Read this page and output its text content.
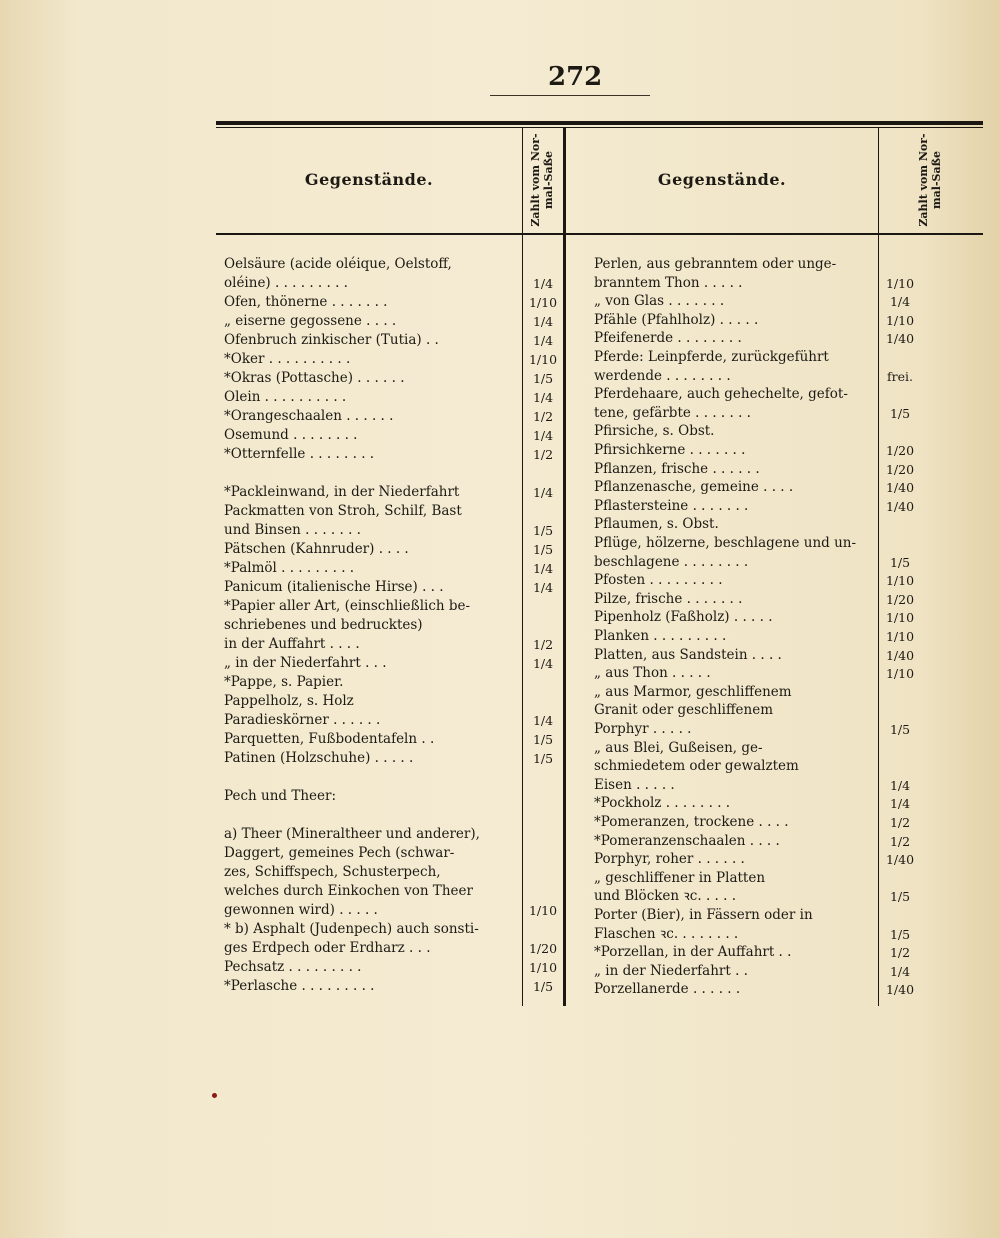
272
Gegenstände.	Gegenstände.
Zahlt vom Nor- mal-Saße	Zahlt vom Nor- mal-Saße
Oelsäure (acide oléique, Oelstoff,
oléine) . . . . . . . . .	1/4
Ofen, thönerne . . . . . . .	1/10
„ eiserne gegossene . . . .	1/4
Ofenbruch zinkischer (Tutia) . .	1/4
*Oker . . . . . . . . . .	1/10
*Okras (Pottasche) . . . . . .	1/5
Olein . . . . . . . . . .	1/4
*Orangeschaalen . . . . . .	1/2
Osemund . . . . . . . .	1/4
*Otternfelle . . . . . . . .	1/2
*Packleinwand, in der Niederfahrt	1/4
Packmatten von Stroh, Schilf, Bast
und Binsen . . . . . . .	1/5
Pätschen (Kahnruder) . . . .	1/5
*Palmöl . . . . . . . . .	1/4
Panicum (italienische Hirse) . . .	1/4
*Papier aller Art, (einschließlich be-
schriebenes und bedrucktes)
in der Auffahrt . . . .	1/2
„ in der Niederfahrt . . .	1/4
*Pappe, s. Papier.
Pappelholz, s. Holz
Paradieskörner . . . . . .	1/4
Parquetten, Fußbodentafeln . .	1/5
Patinen (Holzschuhe) . . . . .	1/5
Pech und Theer:
a) Theer (Mineraltheer und anderer),
Daggert, gemeines Pech (schwar-
zes, Schiffspech, Schusterpech,
welches durch Einkochen von Theer
gewonnen wird) . . . . .	1/10
* b) Asphalt (Judenpech) auch sonsti-
ges Erdpech oder Erdharz . . .	1/20
Pechsatz . . . . . . . . .	1/10
*Perlasche . . . . . . . . .	1/5
Perlen, aus gebranntem oder unge-
branntem Thon . . . . .	1/10
„ von Glas . . . . . . .	1/4
Pfähle (Pfahlholz) . . . . .	1/10
Pfeifenerde . . . . . . . .	1/40
Pferde: Leinpferde, zurückgeführt
werdende . . . . . . . .	frei.
Pferdehaare, auch gehechelte, gefot-
tene, gefärbte . . . . . . .	1/5
Pfirsiche, s. Obst.
Pfirsichkerne . . . . . . .	1/20
Pflanzen, frische . . . . . .	1/20
Pflanzenasche, gemeine . . . .	1/40
Pflastersteine . . . . . . .	1/40
Pflaumen, s. Obst.
Pflüge, hölzerne, beschlagene und un-
beschlagene . . . . . . . .	1/5
Pfosten . . . . . . . . .	1/10
Pilze, frische . . . . . . .	1/20
Pipenholz (Faßholz) . . . . .	1/10
Planken . . . . . . . . .	1/10
Platten, aus Sandstein . . . .	1/40
„ aus Thon . . . . .	1/10
„ aus Marmor, geschliffenem
Granit oder geschliffenem
Porphyr . . . . .	1/5
„ aus Blei, Gußeisen, ge-
schmiedetem oder gewalztem
Eisen . . . . .	1/4
*Pockholz . . . . . . . .	1/4
*Pomeranzen, trockene . . . .	1/2
*Pomeranzenschaalen . . . .	1/2
Porphyr, roher . . . . . .	1/40
„ geschliffener in Platten
und Blöcken ꝛc. . . . .	1/5
Porter (Bier), in Fässern oder in
Flaschen ꝛc. . . . . . . .	1/5
*Porzellan, in der Auffahrt . .	1/2
„ in der Niederfahrt . .	1/4
Porzellanerde . . . . . .	1/40
